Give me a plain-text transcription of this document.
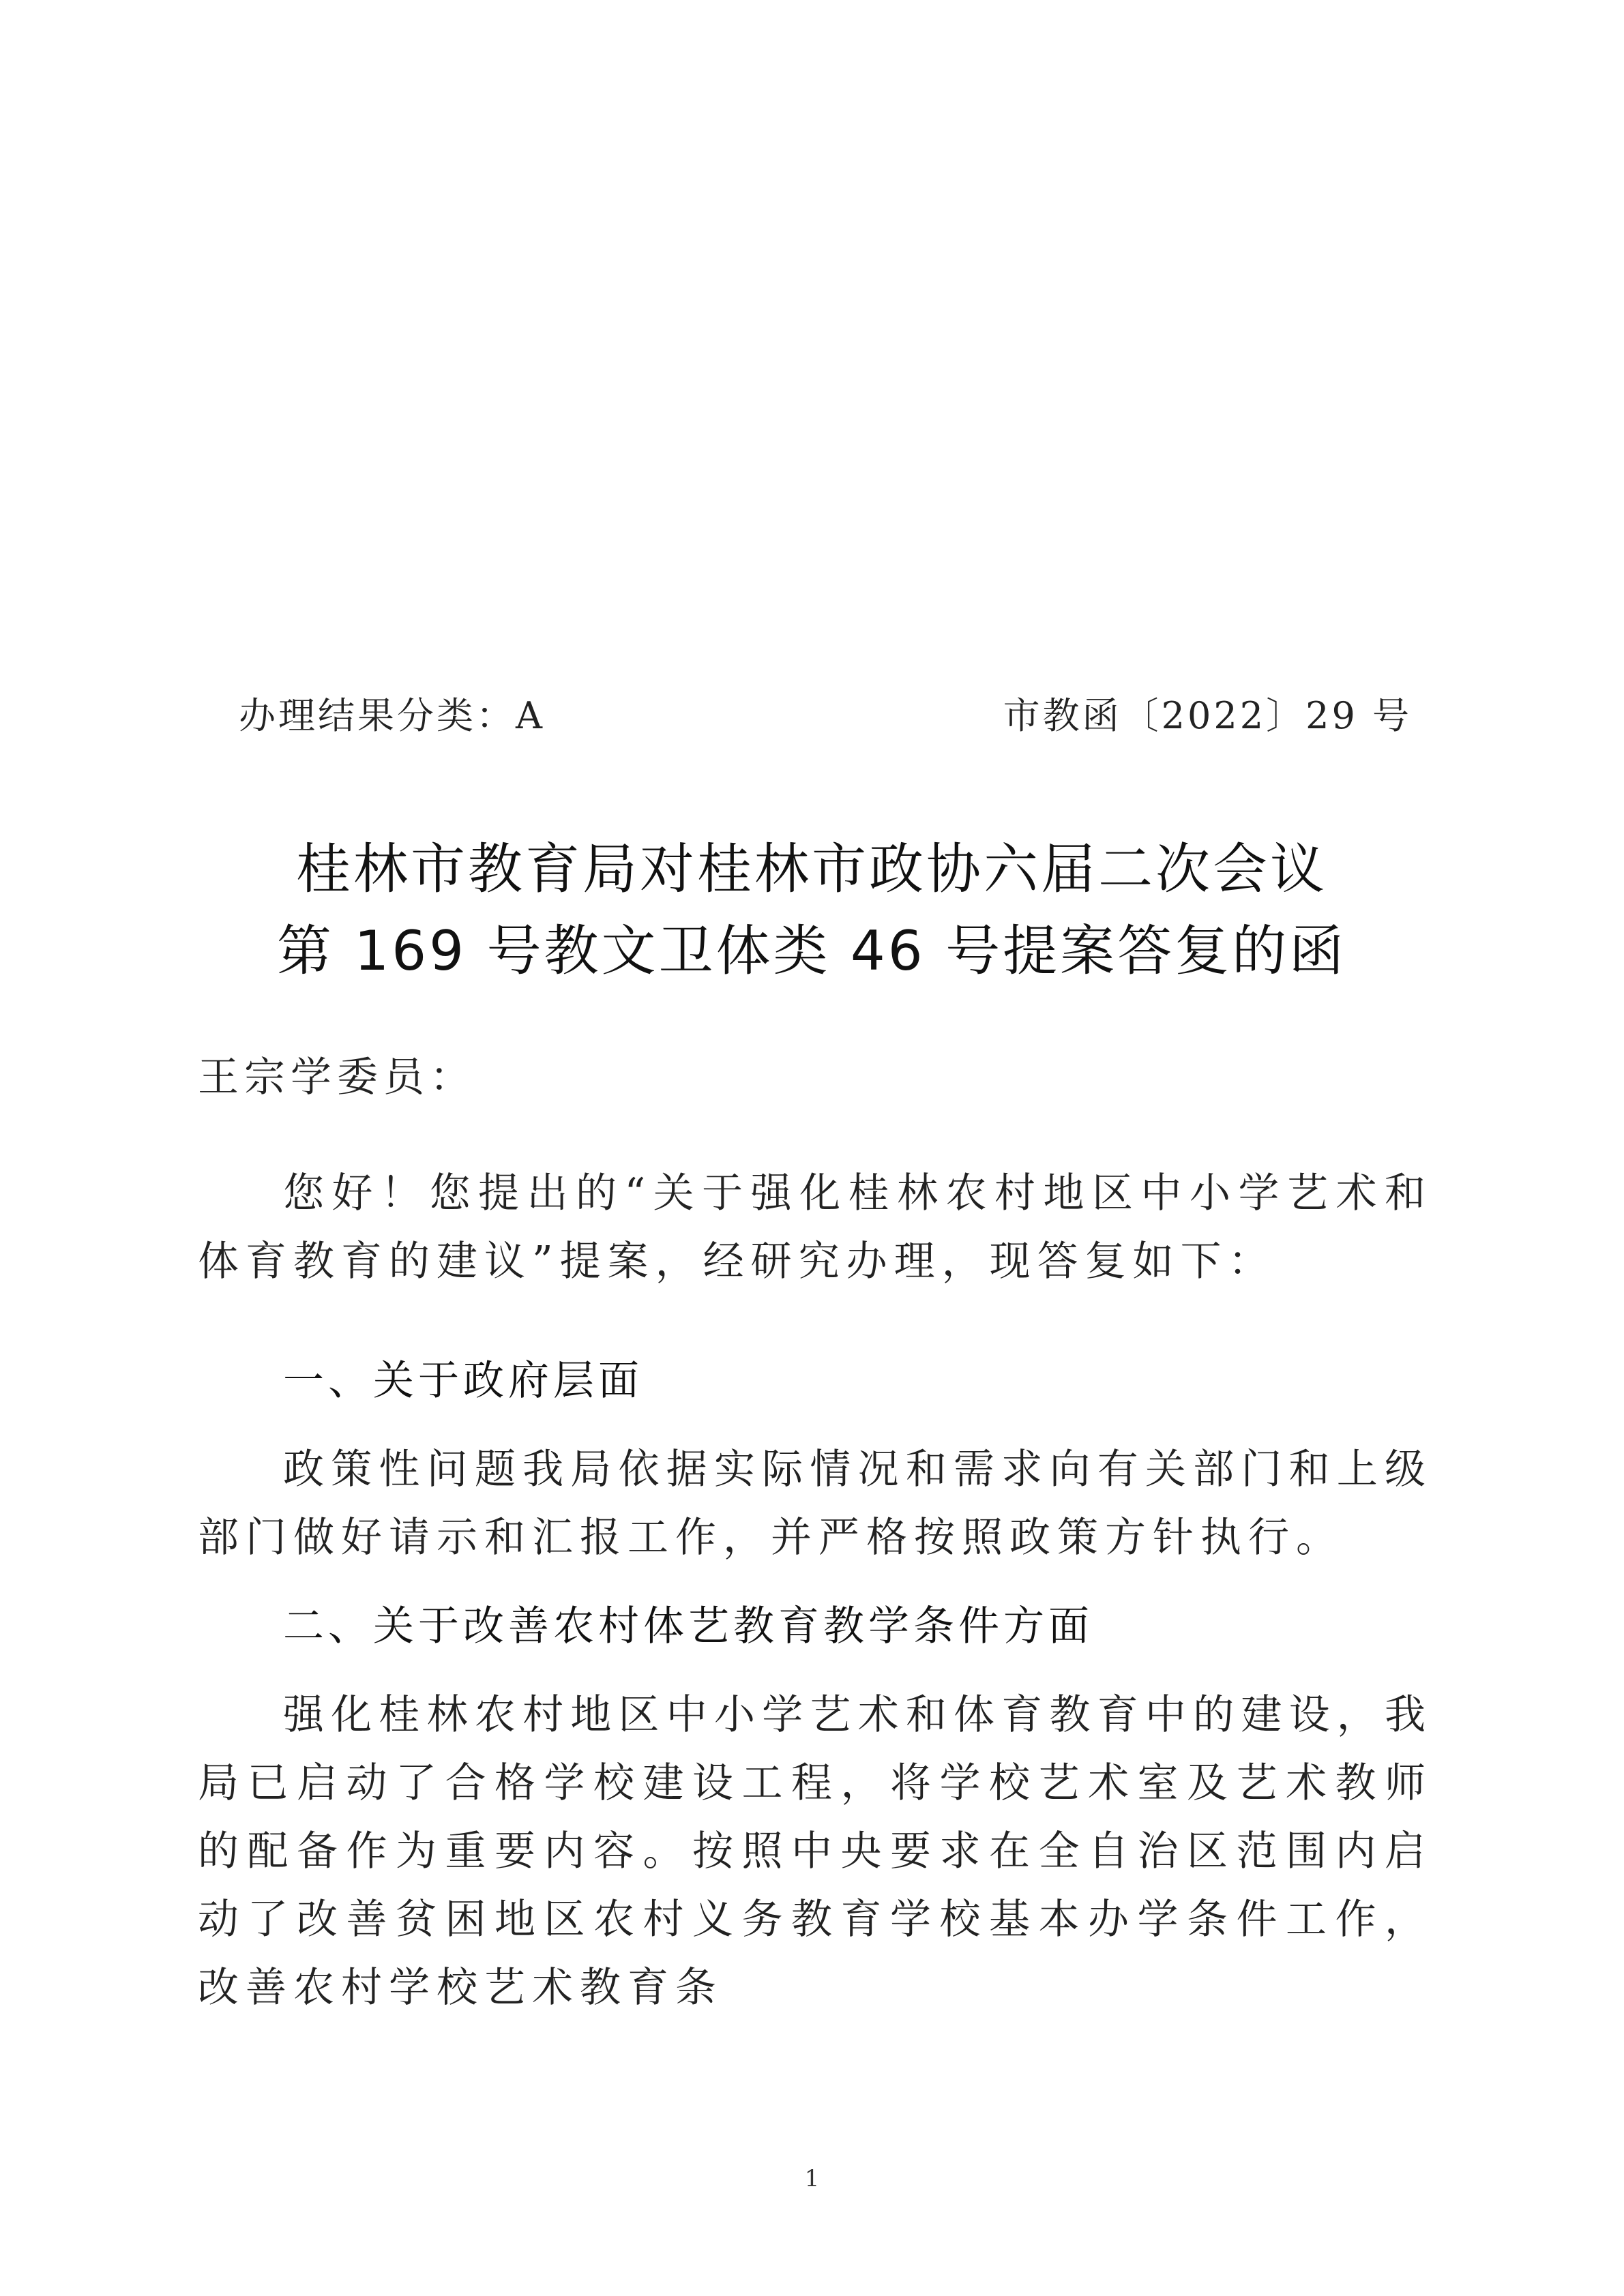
办理结果分类：A	市教函〔2022〕29 号
桂林市教育局对桂林市政协六届二次会议
第 169 号教文卫体类 46 号提案答复的函
王宗学委员：
您好！您提出的“关于强化桂林农村地区中小学艺术和体育教育的建议”提案，经研究办理，现答复如下：
一、关于政府层面
政策性问题我局依据实际情况和需求向有关部门和上级部门做好请示和汇报工作，并严格按照政策方针执行。
二、关于改善农村体艺教育教学条件方面
强化桂林农村地区中小学艺术和体育教育中的建设，我局已启动了合格学校建设工程，将学校艺术室及艺术教师的配备作为重要内容。按照中央要求在全自治区范围内启动了改善贫困地区农村义务教育学校基本办学条件工作，改善农村学校艺术教育条
1
